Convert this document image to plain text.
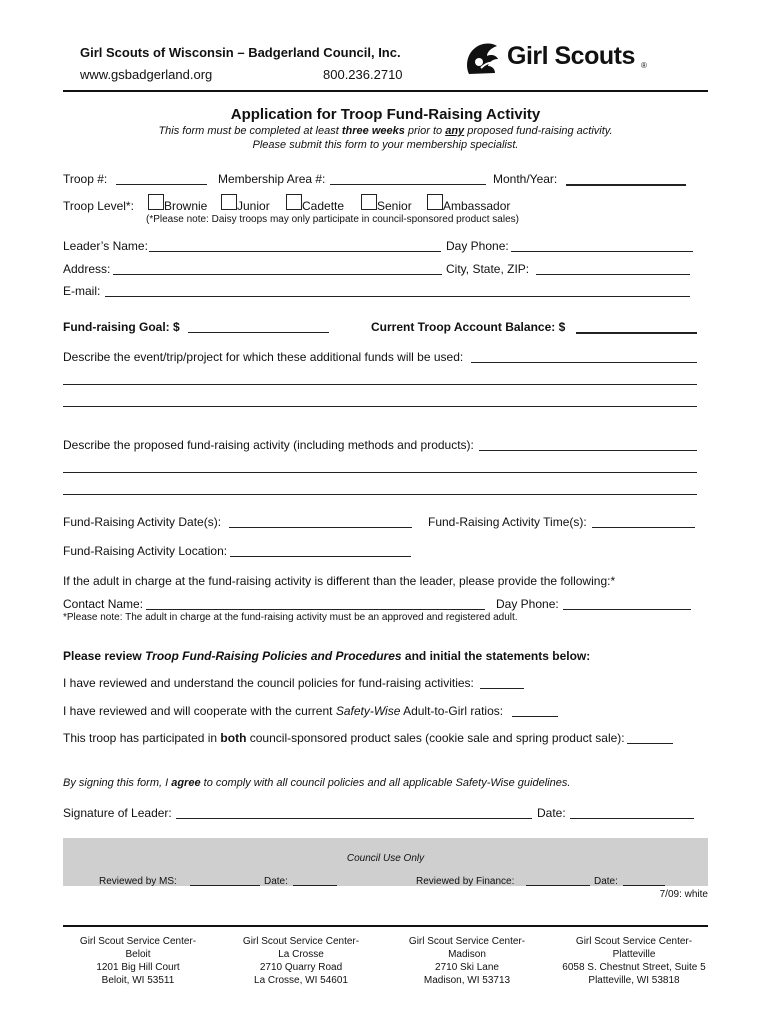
Girl Scouts of Wisconsin – Badgerland Council, Inc.
www.gsbadgerland.org	800.236.2710
Girl Scouts ®
Application for Troop Fund-Raising Activity
This form must be completed at least three weeks prior to any proposed fund-raising activity.
Please submit this form to your membership specialist.
Troop #:	Membership Area #:	Month/Year:
Troop Level*:	Brownie Junior	Cadette	Senior	Ambassador
(*Please note: Daisy troops may only participate in council-sponsored product sales)
Leader’s Name:	Day Phone:
Address:	City, State, ZIP:
E-mail:
Fund-raising Goal: $	Current Troop Account Balance: $
Describe the event/trip/project for which these additional funds will be used:
Describe the proposed fund-raising activity (including methods and products):
Fund-Raising Activity Date(s):	Fund-Raising Activity Time(s):
Fund-Raising Activity Location:
If the adult in charge at the fund-raising activity is different than the leader, please provide the following:*
Contact Name:	Day Phone:
*Please note: The adult in charge at the fund-raising activity must be an approved and registered adult.
Please review Troop Fund-Raising Policies and Procedures and initial the statements below:
I have reviewed and understand the council policies for fund-raising activities:
I have reviewed and will cooperate with the current Safety-Wise Adult-to-Girl ratios:
This troop has participated in both council-sponsored product sales (cookie sale and spring product sale):
By signing this form, I agree to comply with all council policies and all applicable Safety-Wise guidelines.
Signature of Leader:	Date:
Council Use Only
Reviewed by MS:	Date:	Reviewed by Finance:	Date:
7/09: white
Girl Scout Service Center-
Beloit
1201 Big Hill Court
Beloit, WI 53511
Girl Scout Service Center-
La Crosse
2710 Quarry Road
La Crosse, WI 54601
Girl Scout Service Center-
Madison
2710 Ski Lane
Madison, WI 53713
Girl Scout Service Center-
Platteville
6058 S. Chestnut Street, Suite 5
Platteville, WI 53818
